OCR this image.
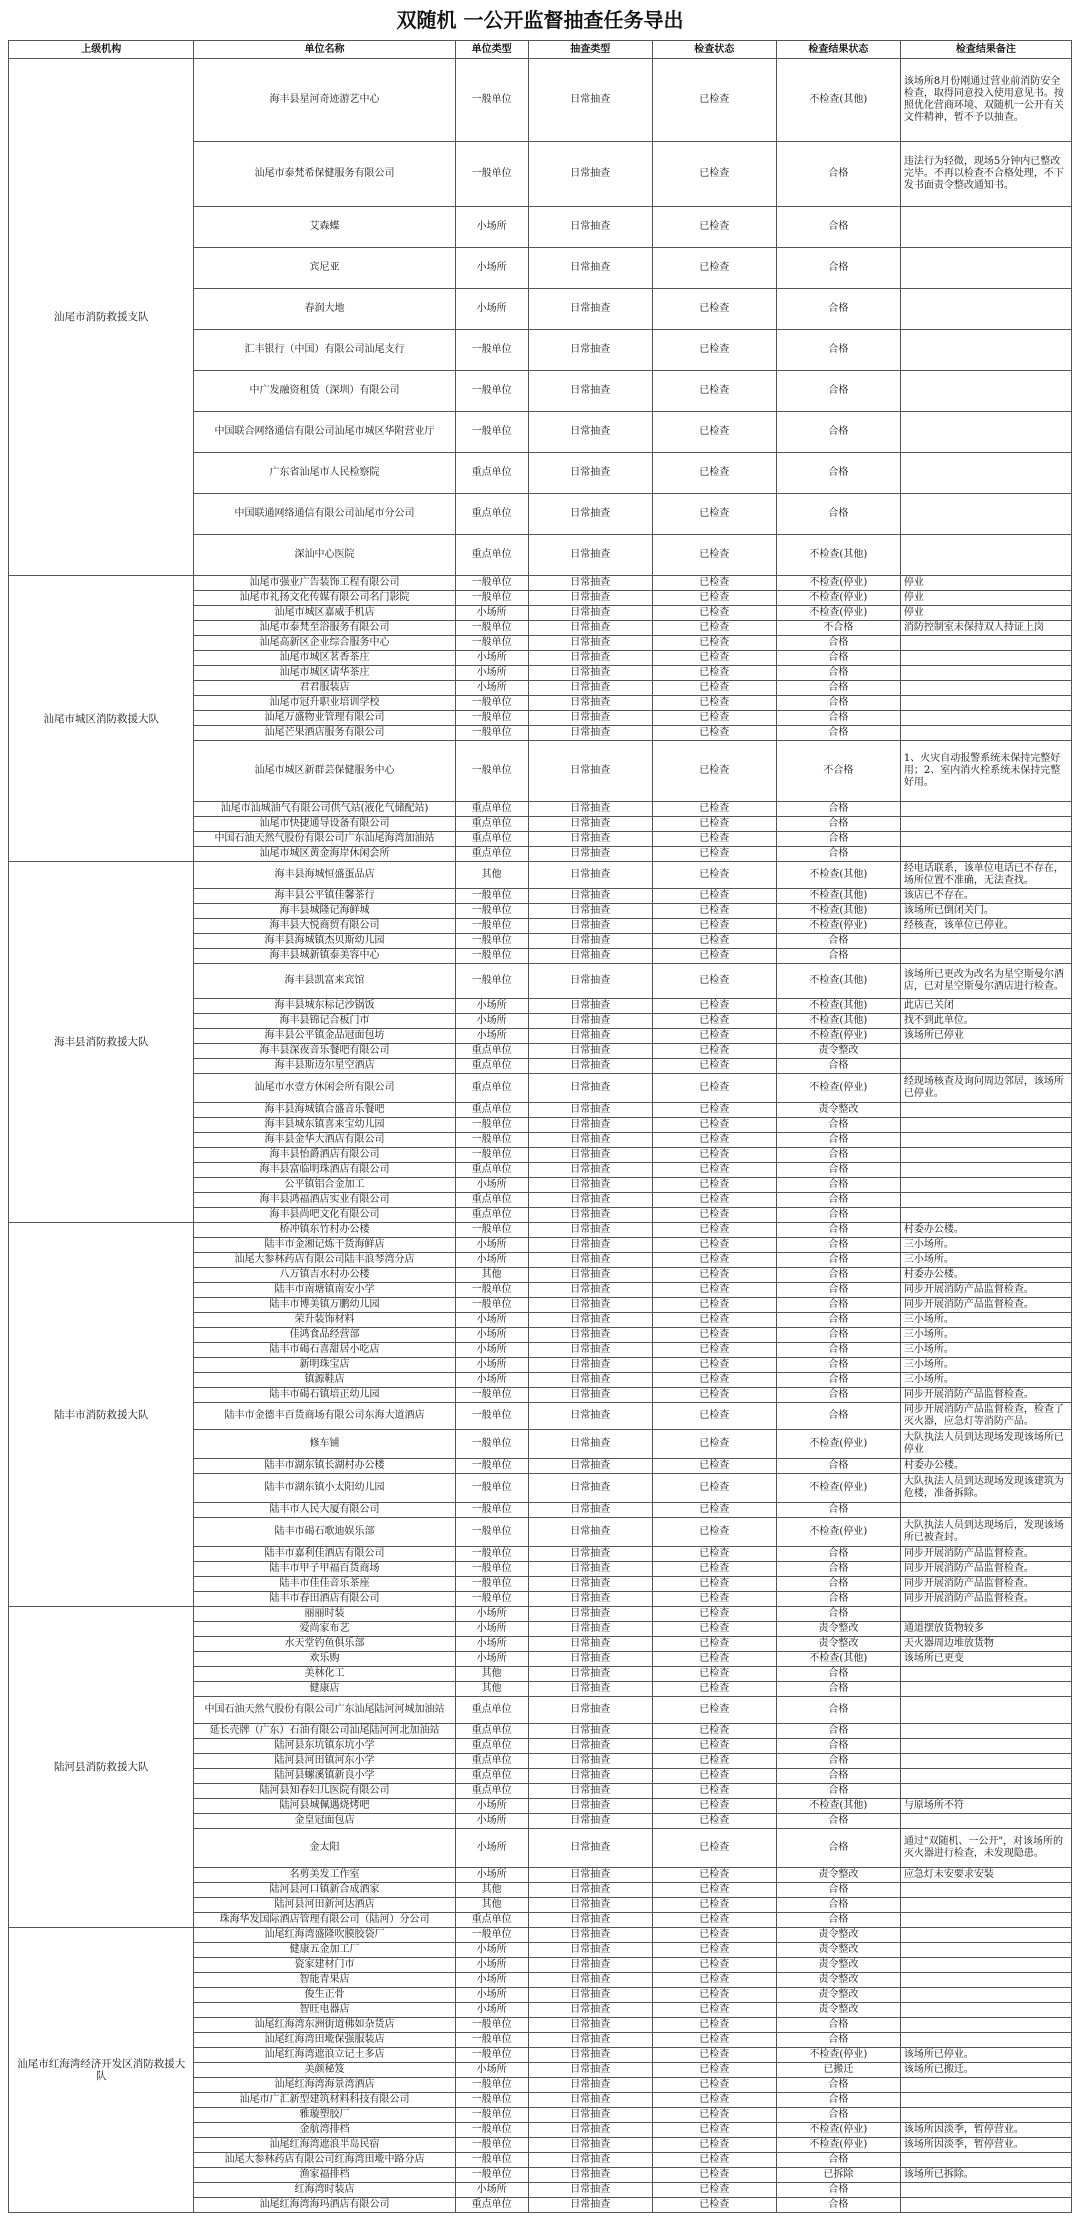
双随机 一公开监督抽查任务导出
上级机构	单位名称	单位类型	抽查类型	检查状态	检查结果状态	检查结果备注
汕尾市消防救援支队	海丰县星河奇迹游艺中心	一般单位	日常抽查	已检查	不检查(其他)	该场所8月份刚通过营业前消防安全检查，取得同意投入使用意见书。按照优化营商环境、双随机一公开有关文件精神，暂不予以抽查。
	汕尾市泰梵希保健服务有限公司	一般单位	日常抽查	已检查	合格	违法行为轻微，现场5分钟内已整改完毕。不再以检查不合格处理，不下发书面责令整改通知书。
	艾森蝶	小场所	日常抽查	已检查	合格	
	宾尼亚	小场所	日常抽查	已检查	合格	
	春润大地	小场所	日常抽查	已检查	合格	
	汇丰银行（中国）有限公司汕尾支行	一般单位	日常抽查	已检查	合格	
	中广发融资租赁（深圳）有限公司	一般单位	日常抽查	已检查	合格	
	中国联合网络通信有限公司汕尾市城区华附营业厅	一般单位	日常抽查	已检查	合格	
	广东省汕尾市人民检察院	重点单位	日常抽查	已检查	合格	
	中国联通网络通信有限公司汕尾市分公司	重点单位	日常抽查	已检查	合格	
	深汕中心医院	重点单位	日常抽查	已检查	不检查(其他)	
汕尾市城区消防救援大队	汕尾市强业广告装饰工程有限公司	一般单位	日常抽查	已检查	不检查(停业)	停业
	汕尾市礼扬文化传媒有限公司名门影院	一般单位	日常抽查	已检查	不检查(停业)	停业
	汕尾市城区嘉威手机店	小场所	日常抽查	已检查	不检查(停业)	停业
	汕尾市泰梵至浴服务有限公司	一般单位	日常抽查	已检查	不合格	消防控制室未保持双人持证上岗
	汕尾高新区企业综合服务中心	一般单位	日常抽查	已检查	合格	
	汕尾市城区茗香茶庄	小场所	日常抽查	已检查	合格	
	汕尾市城区请华茶庄	小场所	日常抽查	已检查	合格	
	君君服装店	小场所	日常抽查	已检查	合格	
	汕尾市冠升职业培训学校	一般单位	日常抽查	已检查	合格	
	汕尾万盛物业管理有限公司	一般单位	日常抽查	已检查	合格	
	汕尾芒果酒店服务有限公司	一般单位	日常抽查	已检查	合格	
	汕尾市城区新群芸保健服务中心	一般单位	日常抽查	已检查	不合格	1、火灾自动报警系统未保持完整好用；2、室内消火栓系统未保持完整好用。
	汕尾市汕城油气有限公司供气站(液化气储配站)	重点单位	日常抽查	已检查	合格	
	汕尾市快捷通导设备有限公司	重点单位	日常抽查	已检查	合格	
	中国石油天然气股份有限公司广东汕尾海湾加油站	重点单位	日常抽查	已检查	合格	
	汕尾市城区黄金海岸休闲会所	重点单位	日常抽查	已检查	合格	
海丰县消防救援大队	海丰县海城恒盛蛋品店	其他	日常抽查	已检查	不检查(其他)	经电话联系，该单位电话已不存在，场所位置不准确，无法查找。
	海丰县公平镇佳馨茶行	一般单位	日常抽查	已检查	不检查(其他)	该店已不存在。
	海丰县城隆记海鲜城	一般单位	日常抽查	已检查	不检查(其他)	该场所已倒闭关门。
	海丰县大悦商贸有限公司	一般单位	日常抽查	已检查	不检查(停业)	经核查，该单位已停业。
	海丰县海城镇杰贝斯幼儿园	一般单位	日常抽查	已检查	合格	
	海丰县城新镇泰美容中心	一般单位	日常抽查	已检查	合格	
	海丰县凯富来宾馆	一般单位	日常抽查	已检查	不检查(其他)	该场所已更改为改名为星空斯曼尔酒店，已对星空斯曼尔酒店进行检查。
	海丰县城东标记沙锅饭	小场所	日常抽查	已检查	不检查(其他)	此店已关闭
	海丰县锦记合板门市	小场所	日常抽查	已检查	不检查(其他)	找不到此单位。
	海丰县公平镇金品冠面包坊	小场所	日常抽查	已检查	不检查(停业)	该场所已停业
	海丰县深夜音乐餐吧有限公司	重点单位	日常抽查	已检查	责令整改	
	海丰县斯迈尔星空酒店	重点单位	日常抽查	已检查	合格	
	汕尾市水壹方休闲会所有限公司	重点单位	日常抽查	已检查	不检查(停业)	经现场核查及询问周边邻居，该场所已停业。
	海丰县海城镇合盛音乐餐吧	重点单位	日常抽查	已检查	责令整改	
	海丰县城东镇喜来宝幼儿园	一般单位	日常抽查	已检查	合格	
	海丰县金华大酒店有限公司	一般单位	日常抽查	已检查	合格	
	海丰县怡爵酒店有限公司	一般单位	日常抽查	已检查	合格	
	海丰县富临明珠酒店有限公司	重点单位	日常抽查	已检查	合格	
	公平镇铝合金加工	小场所	日常抽查	已检查	合格	
	海丰县鸿福酒店实业有限公司	重点单位	日常抽查	已检查	合格	
	海丰县尚吧文化有限公司	重点单位	日常抽查	已检查	合格	
陆丰市消防救援大队	桥冲镇东竹村办公楼	一般单位	日常抽查	已检查	合格	村委办公楼。
	陆丰市金湘记炼干货海鲜店	小场所	日常抽查	已检查	合格	三小场所。
	汕尾大参林药店有限公司陆丰浪琴湾分店	小场所	日常抽查	已检查	合格	三小场所。
	八万镇吉水村办公楼	其他	日常抽查	已检查	合格	村委办公楼。
	陆丰市南塘镇南安小学	一般单位	日常抽查	已检查	合格	同步开展消防产品监督检查。
	陆丰市博美镇万鹏幼儿园	一般单位	日常抽查	已检查	合格	同步开展消防产品监督检查。
	荣升装饰材料	小场所	日常抽查	已检查	合格	三小场所。
	佳鸿食品经营部	小场所	日常抽查	已检查	合格	三小场所。
	陆丰市碣石喜甜居小吃店	小场所	日常抽查	已检查	合格	三小场所。
	新明珠宝店	小场所	日常抽查	已检查	合格	三小场所。
	镇源鞋店	小场所	日常抽查	已检查	合格	三小场所。
	陆丰市碣石镇培正幼儿园	一般单位	日常抽查	已检查	合格	同步开展消防产品监督检查。
	陆丰市金德丰百货商场有限公司东海大道酒店	一般单位	日常抽查	已检查	合格	同步开展消防产品监督检查，检查了灭火器，应急灯等消防产品。
	修车铺	一般单位	日常抽查	已检查	不检查(停业)	大队执法人员到达现场发现该场所已停业
	陆丰市湖东镇长湖村办公楼	一般单位	日常抽查	已检查	合格	村委办公楼。
	陆丰市湖东镇小太阳幼儿园	一般单位	日常抽查	已检查	不检查(停业)	大队执法人员到达现场发现该建筑为危楼，准备拆除。
	陆丰市人民大厦有限公司	一般单位	日常抽查	已检查	合格	
	陆丰市碣石歌迪娱乐部	一般单位	日常抽查	已检查	不检查(停业)	大队执法人员到达现场后，发现该场所已被查封。
	陆丰市嘉利佳酒店有限公司	一般单位	日常抽查	已检查	合格	同步开展消防产品监督检查。
	陆丰市甲子甲福百货商场	一般单位	日常抽查	已检查	合格	同步开展消防产品监督检查。
	陆丰市佳佳音乐茶座	一般单位	日常抽查	已检查	合格	同步开展消防产品监督检查。
	陆丰市春田酒店有限公司	一般单位	日常抽查	已检查	合格	同步开展消防产品监督检查。
陆河县消防救援大队	丽丽时装	小场所	日常抽查	已检查	合格	
	爱尚家布艺	小场所	日常抽查	已检查	责令整改	通道摆放货物较多
	水天堂钓鱼俱乐部	小场所	日常抽查	已检查	责令整改	天火器周边堆放货物
	欢乐购	小场所	日常抽查	已检查	不检查(其他)	该场所已更变
	美林化工	其他	日常抽查	已检查	合格	
	健康店	其他	日常抽查	已检查	合格	
	中国石油天然气股份有限公司广东汕尾陆河河城加油站	重点单位	日常抽查	已检查	合格	
	延长壳牌（广东）石油有限公司汕尾陆河河北加油站	重点单位	日常抽查	已检查	合格	
	陆河县东坑镇东坑小学	重点单位	日常抽查	已检查	合格	
	陆河县河田镇河东小学	重点单位	日常抽查	已检查	合格	
	陆河县螺溪镇新良小学	重点单位	日常抽查	已检查	合格	
	陆河县知春妇儿医院有限公司	重点单位	日常抽查	已检查	合格	
	陆河县城佩遇烧烤吧	小场所	日常抽查	已检查	不检查(其他)	与原场所不符
	金皇冠面包店	小场所	日常抽查	已检查	合格	
	金太阳	小场所	日常抽查	已检查	合格	通过"双随机、一公开"，对该场所的灭火器进行检查，未发现隐患。
	名剪美发工作室	小场所	日常抽查	已检查	责令整改	应急灯未安要求安装
	陆河县河口镇新合成酒家	其他	日常抽查	已检查	合格	
	陆河县河田新河达酒店	其他	日常抽查	已检查	合格	
	珠海华发国际酒店管理有限公司（陆河）分公司	重点单位	日常抽查	已检查	合格	
汕尾市红海湾经济开发区消防救援大队	汕尾红海湾盛隆吹膜胶袋厂	一般单位	日常抽查	已检查	责令整改	
	健康五金加工厂	小场所	日常抽查	已检查	责令整改	
	瓷家建材门市	小场所	日常抽查	已检查	责令整改	
	智能青果店	小场所	日常抽查	已检查	责令整改	
	俊生正骨	小场所	日常抽查	已检查	责令整改	
	智旺电器店	小场所	日常抽查	已检查	责令整改	
	汕尾红海湾东洲街道佛如杂货店	一般单位	日常抽查	已检查	合格	
	汕尾红海湾田墘保强服装店	一般单位	日常抽查	已检查	合格	
	汕尾红海湾遮浪立记土多店	一般单位	日常抽查	已检查	不检查(停业)	该场所已停业。
	美颜秘笈	小场所	日常抽查	已检查	已搬迁	该场所已搬迁。
	汕尾红海湾海景湾酒店	一般单位	日常抽查	已检查	合格	
	汕尾市广汇新型建筑材料科技有限公司	一般单位	日常抽查	已检查	合格	
	雅璇塑胶厂	一般单位	日常抽查	已检查	合格	
	金航湾排档	一般单位	日常抽查	已检查	不检查(停业)	该场所因淡季，暂停营业。
	汕尾红海湾遮浪半岛民宿	一般单位	日常抽查	已检查	不检查(停业)	该场所因淡季，暂停营业。
	汕尾大参林药店有限公司红海湾田墘中路分店	一般单位	日常抽查	已检查	合格	
	渔家福排档	一般单位	日常抽查	已检查	已拆除	该场所已拆除。
	红海湾时装店	小场所	日常抽查	已检查	合格	
	汕尾红海湾海玛酒店有限公司	重点单位	日常抽查	已检查	合格	
